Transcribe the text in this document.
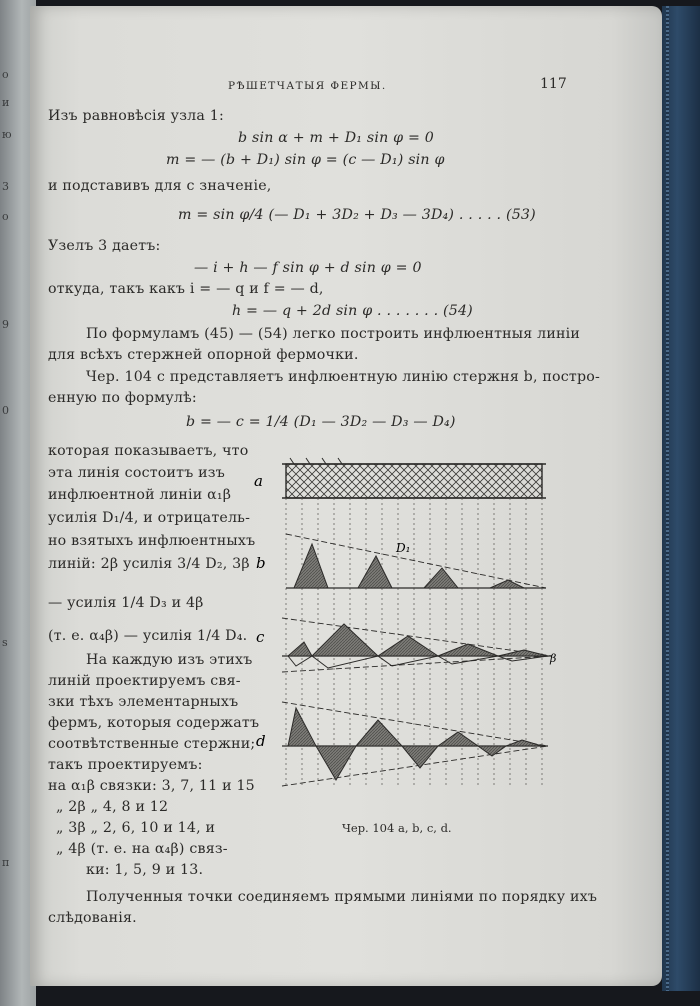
о
и
ю
3
о
9
0
s
п
РѢШЕТЧАТЫЯ ФЕРМЫ.	117
Изъ равновѣсія узла 1:
b sin α + m + D₁ sin φ = 0
m = — (b + D₁) sin φ = (c — D₁) sin φ
и подставивъ для c значеніе,
m = sin φ/4 (— D₁ + 3D₂ + D₃ — 3D₄) . . . . . (53)
Узелъ 3 даетъ:
— i + h — f sin φ + d sin φ = 0
откуда, такъ какъ i = — q и f = — d,
h = — q + 2d sin φ . . . . . . . (54)
По формуламъ (45) — (54) легко построить инфлюентныя линіи
для всѣхъ стержней опорной фермочки.
Чер. 104 c представляетъ инфлюентную линію стержня b, постро-
енную по формулѣ:
b = — c = 1/4 (D₁ — 3D₂ — D₃ — D₄)
которая показываетъ, что
эта линія состоитъ изъ
инфлюентной линіи α₁β
усилія D₁/4, и отрицатель-
но взятыхъ инфлюентныхъ
линій: 2β усилія 3/4 D₂, 3β
— усилія 1/4 D₃ и 4β
(т. е. α₄β) — усилія 1/4 D₄.
На каждую изъ этихъ
линій проектируемъ свя-
зки тѣхъ элементарныхъ
фермъ, которыя содержатъ
соотвѣтственные стержни;
такъ проектируемъ:
на α₁β связки: 3, 7, 11 и 15
„ 2β „ 4, 8 и 12
„ 3β „ 2, 6, 10 и 14, и
„ 4β (т. е. на α₄β) связ-
ки: 1, 5, 9 и 13.
Полученныя точки соединяемъ прямыми линіями по порядку ихъ
слѣдованія.
a
b
c
d
D₁
β
Чер. 104 a, b, c, d.
